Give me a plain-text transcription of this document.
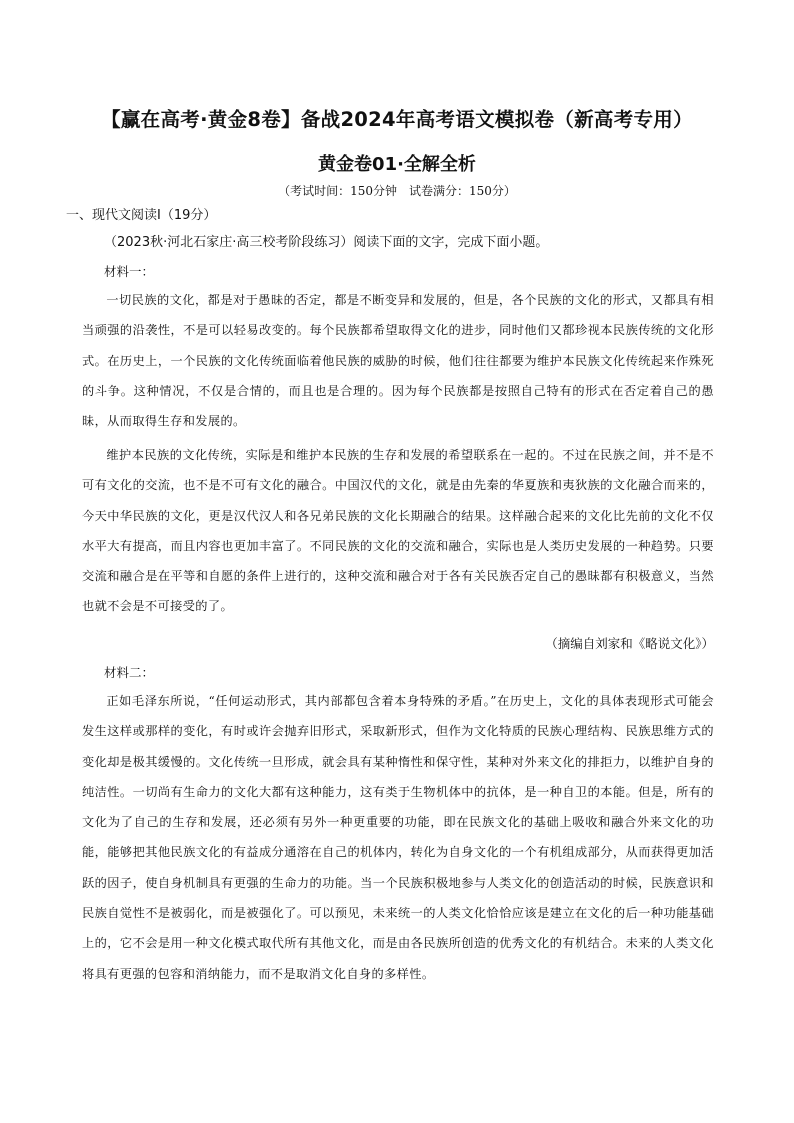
【赢在高考·黄金8卷】备战2024年高考语文模拟卷（新高考专用）
黄金卷01·全解全析
（考试时间：150分钟　试卷满分：150分）
一、现代文阅读Ⅰ（19分）
（2023秋·河北石家庄·高三校考阶段练习）阅读下面的文字，完成下面小题。
材料一：

一切民族的文化，都是对于愚昧的否定，都是不断变异和发展的，但是，各个民族的文化的形式，又都具有相当顽强的沿袭性，不是可以轻易改变的。每个民族都希望取得文化的进步，同时他们又都珍视本民族传统的文化形式。在历史上，一个民族的文化传统面临着他民族的威胁的时候，他们往往都要为维护本民族文化传统起来作殊死的斗争。这种情况，不仅是合情的，而且也是合理的。因为每个民族都是按照自己特有的形式在否定着自己的愚昧，从而取得生存和发展的。

维护本民族的文化传统，实际是和维护本民族的生存和发展的希望联系在一起的。不过在民族之间，并不是不可有文化的交流，也不是不可有文化的融合。中国汉代的文化，就是由先秦的华夏族和夷狄族的文化融合而来的，今天中华民族的文化，更是汉代汉人和各兄弟民族的文化长期融合的结果。这样融合起来的文化比先前的文化不仅水平大有提高，而且内容也更加丰富了。不同民族的文化的交流和融合，实际也是人类历史发展的一种趋势。只要交流和融合是在平等和自愿的条件上进行的，这种交流和融合对于各有关民族否定自己的愚昧都有积极意义，当然也就不会是不可接受的了。

（摘编自刘家和《略说文化》）
材料二：

正如毛泽东所说，“任何运动形式，其内部都包含着本身特殊的矛盾。”在历史上，文化的具体表现形式可能会发生这样或那样的变化，有时或许会抛弃旧形式，采取新形式，但作为文化特质的民族心理结构、民族思维方式的变化却是极其缓慢的。文化传统一旦形成，就会具有某种惰性和保守性，某种对外来文化的排拒力，以维护自身的纯洁性。一切尚有生命力的文化大都有这种能力，这有类于生物机体中的抗体，是一种自卫的本能。但是，所有的文化为了自己的生存和发展，还必须有另外一种更重要的功能，即在民族文化的基础上吸收和融合外来文化的功能，能够把其他民族文化的有益成分通溶在自己的机体内，转化为自身文化的一个有机组成部分，从而获得更加活跃的因子，使自身机制具有更强的生命力的功能。当一个民族积极地参与人类文化的创造活动的时候，民族意识和民族自觉性不是被弱化，而是被强化了。可以预见，未来统一的人类文化恰恰应该是建立在文化的后一种功能基础上的，它不会是用一种文化模式取代所有其他文化，而是由各民族所创造的优秀文化的有机结合。未来的人类文化将具有更强的包容和消纳能力，而不是取消文化自身的多样性。
